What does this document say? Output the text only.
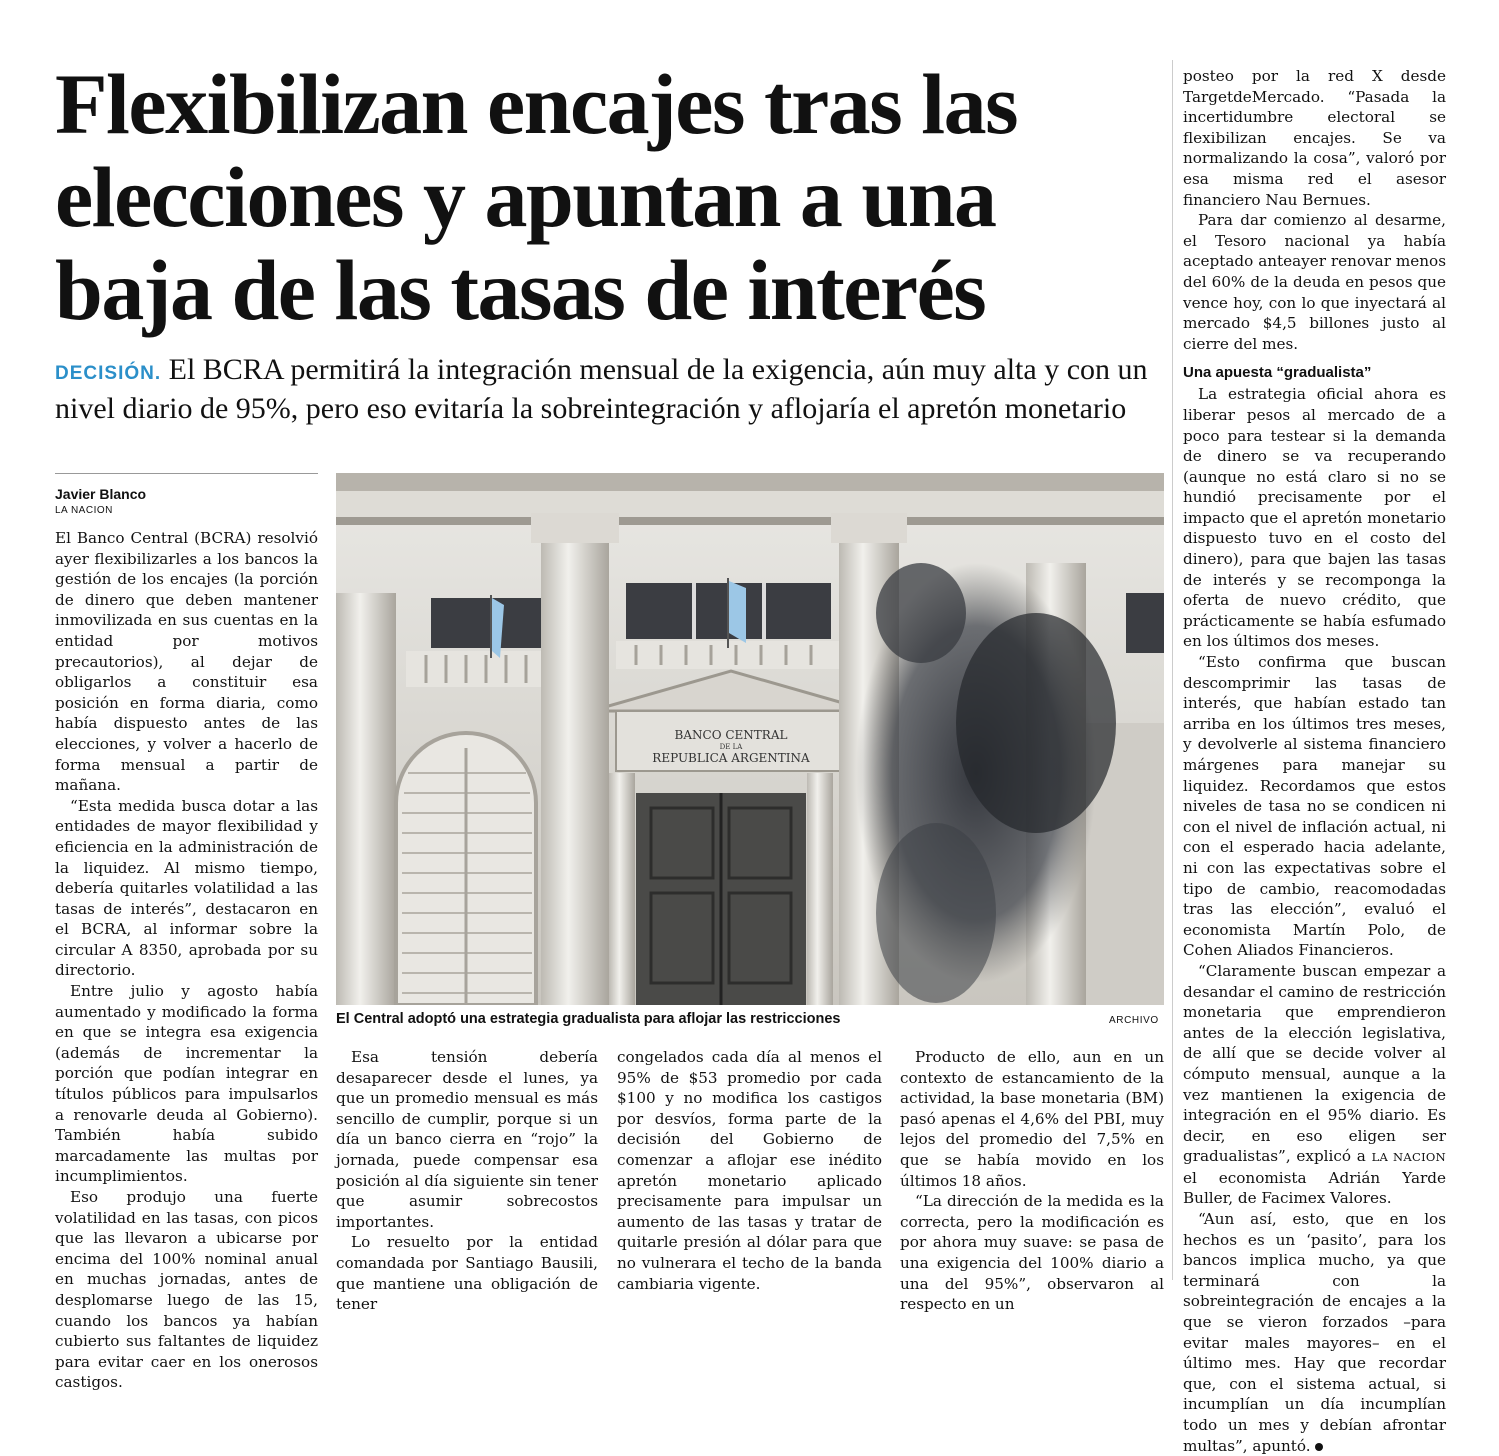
Flexibilizan encajes tras las elecciones y apuntan a una baja de las tasas de interés
DECISIÓN. El BCRA permitirá la integración mensual de la exigencia, aún muy alta y con un nivel diario de 95%, pero eso evitaría la sobreintegración y aflojaría el apretón monetario
Javier Blanco
LA NACION

El Banco Central (BCRA) resolvió ayer flexibilizarles a los bancos la gestión de los encajes (la porción de dinero que deben mantener inmovilizada en sus cuentas en la entidad por motivos precautorios), al dejar de obligarlos a constituir esa posición en forma diaria, como había dispuesto antes de las elecciones, y volver a hacerlo de forma mensual a partir de mañana.

“Esta medida busca dotar a las entidades de mayor flexibilidad y eficiencia en la administración de la liquidez. Al mismo tiempo, debería quitarles volatilidad a las tasas de interés”, destacaron en el BCRA, al informar sobre la circular A 8350, aprobada por su directorio.

Entre julio y agosto había aumentado y modificado la forma en que se integra esa exigencia (además de incrementar la porción que podían integrar en títulos públicos para impulsarlos a renovarle deuda al Gobierno). También había subido marcadamente las multas por incumplimientos.

Eso produjo una fuerte volatilidad en las tasas, con picos que las llevaron a ubicarse por encima del 100% nominal anual en muchas jornadas, antes de desplomarse luego de las 15, cuando los bancos ya habían cubierto sus faltantes de liquidez para evitar caer en los onerosos castigos.

BANCO CENTRAL
DE LA
REPUBLICA ARGENTINA
El Central adoptó una estrategia gradualista para aflojar las restricciones	ARCHIVO

Esa tensión debería desaparecer desde el lunes, ya que un promedio mensual es más sencillo de cumplir, porque si un día un banco cierra en “rojo” la jornada, puede compensar esa posición al día siguiente sin tener que asumir sobrecostos importantes.

Lo resuelto por la entidad comandada por Santiago Bausili, que mantiene una obligación de tener

congelados cada día al menos el 95% de $53 promedio por cada $100 y no modifica los castigos por desvíos, forma parte de la decisión del Gobierno de comenzar a aflojar ese inédito apretón monetario aplicado precisamente para impulsar un aumento de las tasas y tratar de quitarle presión al dólar para que no vulnerara el techo de la banda cambiaria vigente.

Producto de ello, aun en un contexto de estancamiento de la actividad, la base monetaria (BM) pasó apenas el 4,6% del PBI, muy lejos del promedio del 7,5% en que se había movido en los últimos 18 años.

“La dirección de la medida es la correcta, pero la modificación es por ahora muy suave: se pasa de una exigencia del 100% diario a una del 95%”, observaron al respecto en un

posteo por la red X desde TargetdeMercado. “Pasada la incertidumbre electoral se flexibilizan encajes. Se va normalizando la cosa”, valoró por esa misma red el asesor financiero Nau Bernues.

Para dar comienzo al desarme, el Tesoro nacional ya había aceptado anteayer renovar menos del 60% de la deuda en pesos que vence hoy, con lo que inyectará al mercado $4,5 billones justo al cierre del mes.

Una apuesta “gradualista”

La estrategia oficial ahora es liberar pesos al mercado de a poco para testear si la demanda de dinero se va recuperando (aunque no está claro si no se hundió precisamente por el impacto que el apretón monetario dispuesto tuvo en el costo del dinero), para que bajen las tasas de interés y se recomponga la oferta de nuevo crédito, que prácticamente se había esfumado en los últimos dos meses.

“Esto confirma que buscan descomprimir las tasas de interés, que habían estado tan arriba en los últimos tres meses, y devolverle al sistema financiero márgenes para manejar su liquidez. Recordamos que estos niveles de tasa no se condicen ni con el nivel de inflación actual, ni con el esperado hacia adelante, ni con las expectativas sobre el tipo de cambio, reacomodadas tras las elección”, evaluó el economista Martín Polo, de Cohen Aliados Financieros.

“Claramente buscan empezar a desandar el camino de restricción monetaria que emprendieron antes de la elección legislativa, de allí que se decide volver al cómputo mensual, aunque a la vez mantienen la exigencia de integración en el 95% diario. Es decir, en eso eligen ser gradualistas”, explicó a LA NACION el economista Adrián Yarde Buller, de Facimex Valores.

“Aun así, esto, que en los hechos es un ‘pasito’, para los bancos implica mucho, ya que terminará con la sobreintegración de encajes a la que se vieron forzados –para evitar males mayores– en el último mes. Hay que recordar que, con el sistema actual, si incumplían un día incumplían todo un mes y debían afrontar multas”, apuntó.
